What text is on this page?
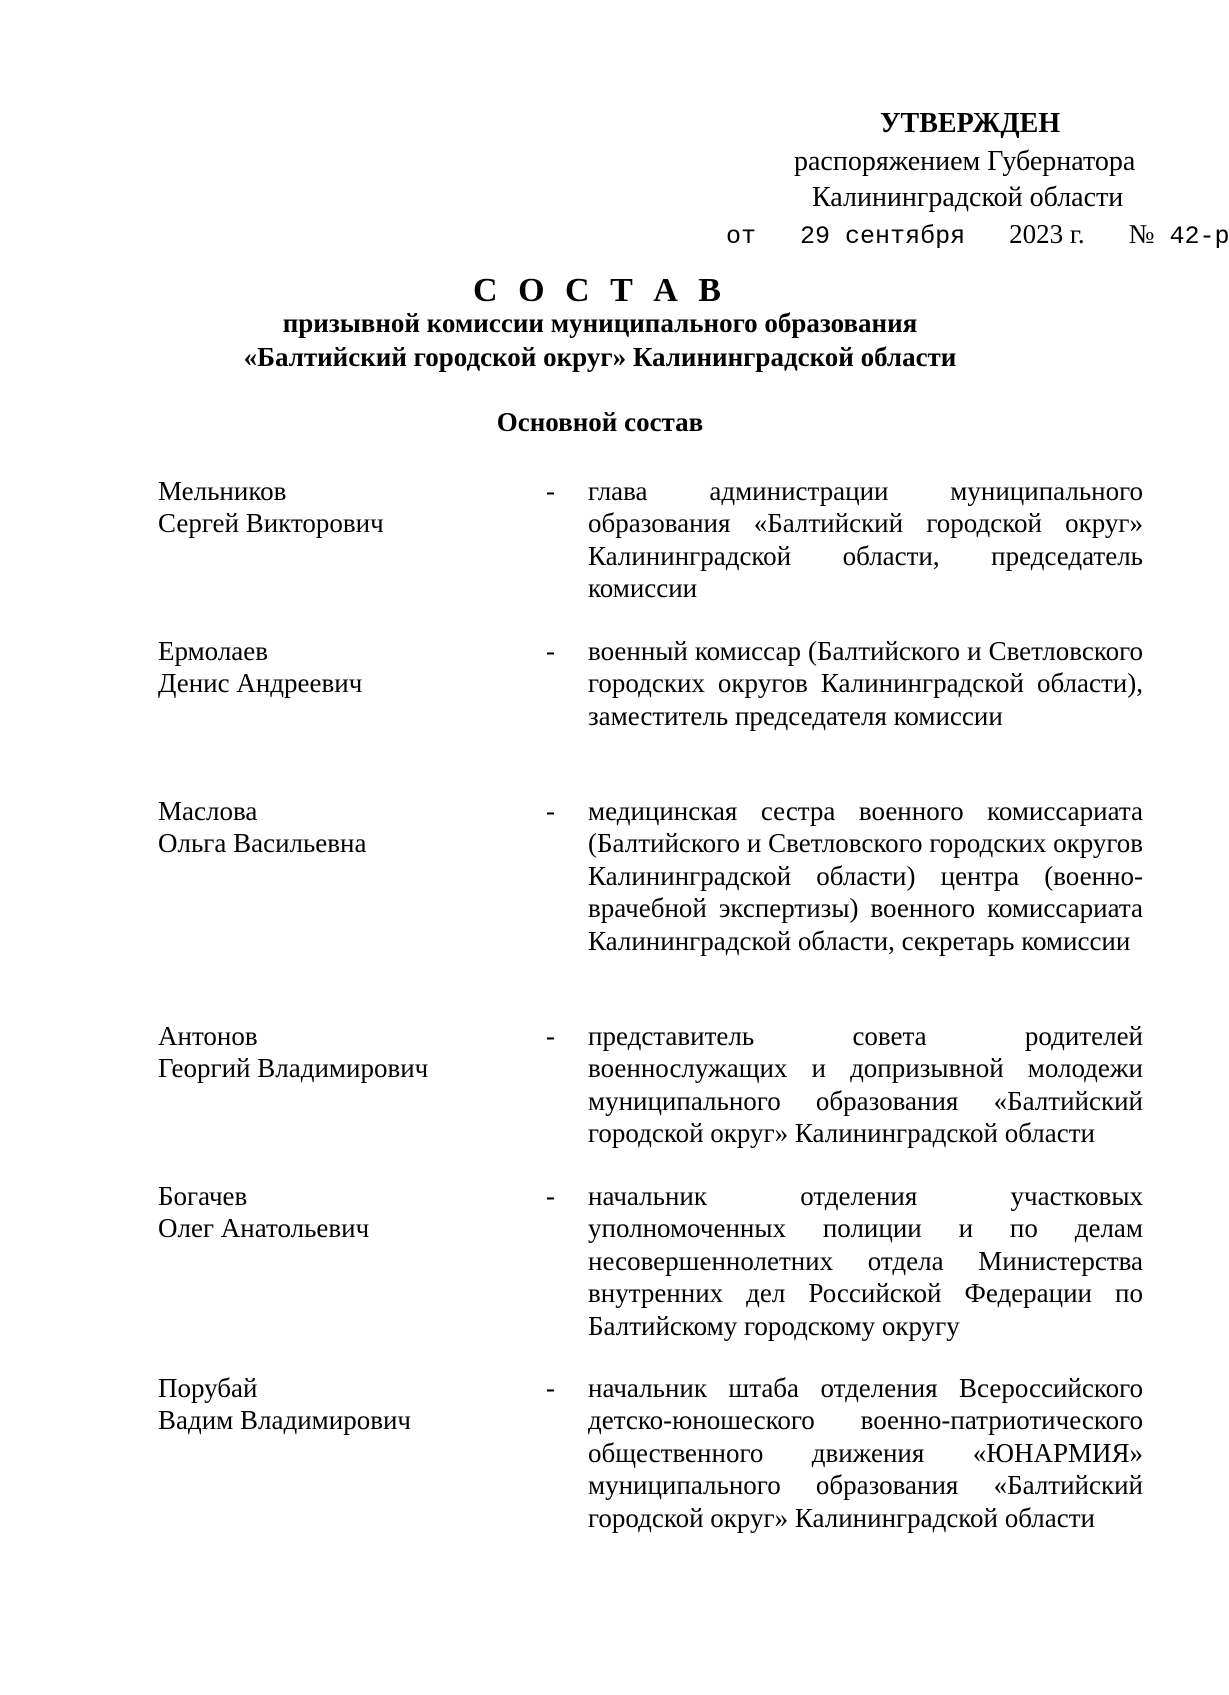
УТВЕРЖДЕН
распоряжением Губернатора
Калининградской области
от 29 сентября 2023 г. № 42-р
С О С Т А В
призывной комиссии муниципального образования
«Балтийский городской округ» Калининградской области
Основной состав
Мельников
Сергей Викторович
- глава администрации муниципального образования «Балтийский городской округ» Калининградской области, председатель комиссии
Ермолаев
Денис Андреевич
- военный комиссар (Балтийского и Светловского городских округов Калининградской области), заместитель председателя комиссии
Маслова
Ольга Васильевна
- медицинская сестра военного комиссариата (Балтийского и Светловского городских округов Калининградской области) центра (военно-врачебной экспертизы) военного комиссариата Калининградской области, секретарь комиссии
Антонов
Георгий Владимирович
- представитель совета родителей военнослужащих и допризывной молодежи муниципального образования «Балтийский городской округ» Калининградской области
Богачев
Олег Анатольевич
- начальник отделения участковых уполномоченных полиции и по делам несовершеннолетних отдела Министерства внутренних дел Российской Федерации по Балтийскому городскому округу
Порубай
Вадим Владимирович
- начальник штаба отделения Всероссийского детско-юношеского военно-патриотического общественного движения «ЮНАРМИЯ» муниципального образования «Балтийский городской округ» Калининградской области
